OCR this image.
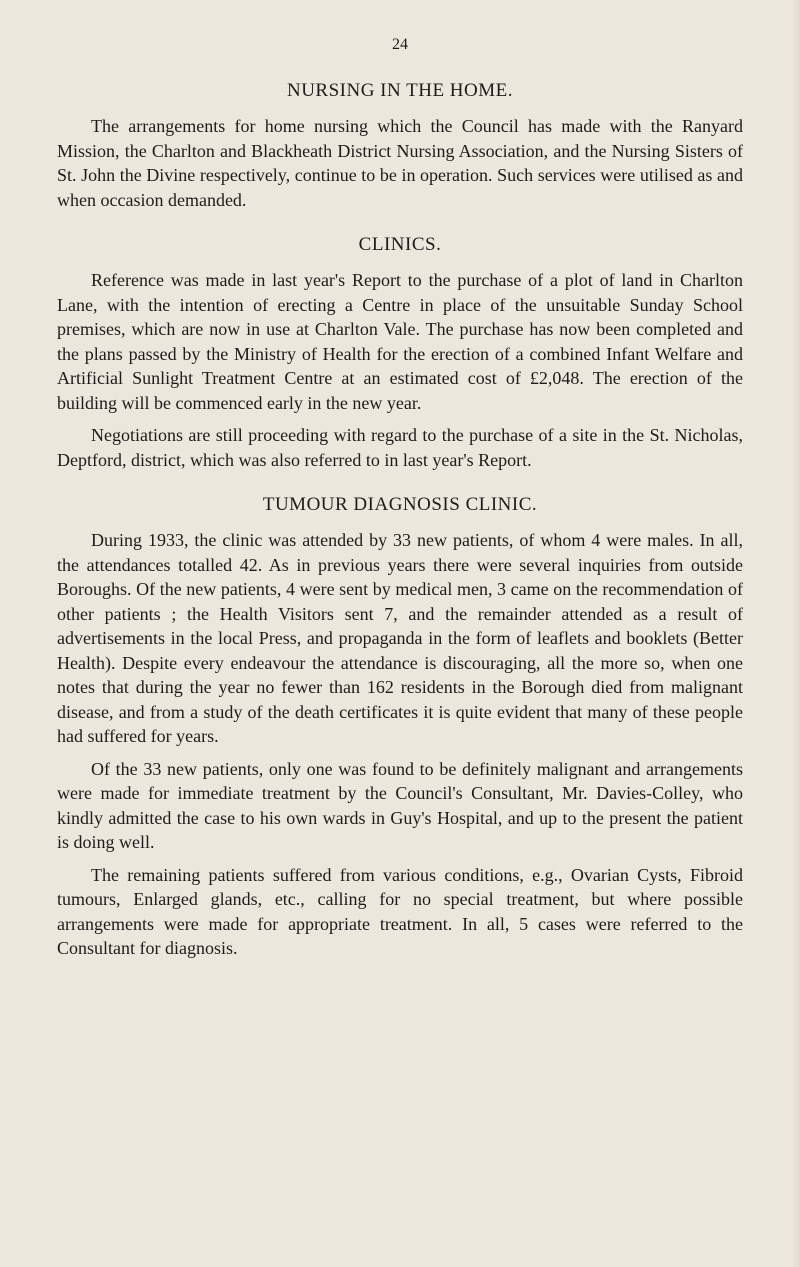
24
NURSING IN THE HOME.

The arrangements for home nursing which the Council has made with the Ranyard Mission, the Charlton and Blackheath District Nursing Association, and the Nursing Sisters of St. John the Divine respectively, continue to be in operation. Such services were utilised as and when occasion demanded.

CLINICS.

Reference was made in last year's Report to the purchase of a plot of land in Charlton Lane, with the intention of erecting a Centre in place of the unsuitable Sunday School premises, which are now in use at Charlton Vale. The purchase has now been completed and the plans passed by the Ministry of Health for the erection of a combined Infant Welfare and Artificial Sunlight Treatment Centre at an estimated cost of £2,048. The erection of the building will be commenced early in the new year.

Negotiations are still proceeding with regard to the purchase of a site in the St. Nicholas, Deptford, district, which was also referred to in last year's Report.

TUMOUR DIAGNOSIS CLINIC.

During 1933, the clinic was attended by 33 new patients, of whom 4 were males. In all, the attendances totalled 42. As in previous years there were several inquiries from outside Boroughs. Of the new patients, 4 were sent by medical men, 3 came on the recommendation of other patients ; the Health Visitors sent 7, and the remainder attended as a result of advertisements in the local Press, and propaganda in the form of leaflets and booklets (Better Health). Despite every endeavour the attendance is discouraging, all the more so, when one notes that during the year no fewer than 162 residents in the Borough died from malignant disease, and from a study of the death certificates it is quite evident that many of these people had suffered for years.

Of the 33 new patients, only one was found to be definitely malignant and arrangements were made for immediate treatment by the Council's Consultant, Mr. Davies-Colley, who kindly admitted the case to his own wards in Guy's Hospital, and up to the present the patient is doing well.

The remaining patients suffered from various conditions, e.g., Ovarian Cysts, Fibroid tumours, Enlarged glands, etc., calling for no special treatment, but where possible arrangements were made for appropriate treatment. In all, 5 cases were referred to the Consultant for diagnosis.
